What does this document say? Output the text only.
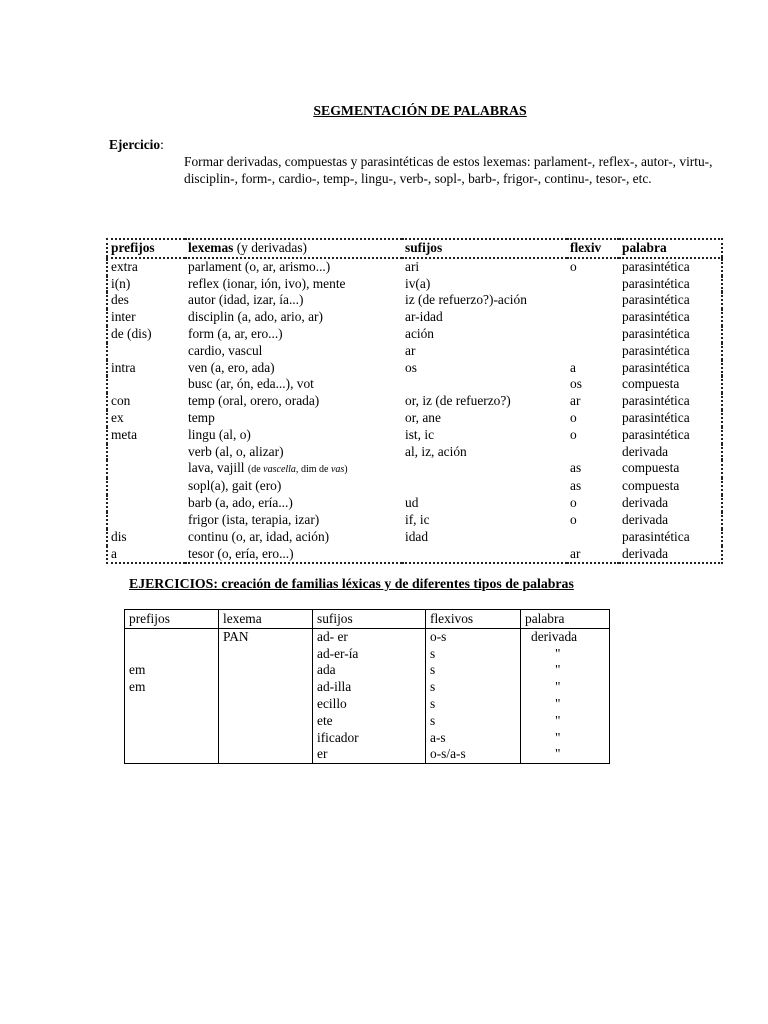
SEGMENTACIÓN DE PALABRAS
Ejercicio:
Formar derivadas, compuestas y parasintéticas de estos lexemas: parlament-, reflex-, autor-, virtu-, disciplin-, form-, cardio-, temp-, lingu-, verb-, sopl-, barb-, frigor-, continu-, tesor-, etc.
prefijos	lexemas (y derivadas)	sufijos	flexiv	palabra
extra	parlament (o, ar, arismo...)	ari	o	parasintética
i(n)	reflex (ionar, ión, ivo), mente	iv(a)		parasintética
des	autor (idad, izar, ía...)	iz (de refuerzo?)-ación		parasintética
inter	disciplin (a, ado, ario, ar)	ar-idad		parasintética
de (dis)	form (a, ar, ero...)	ación		parasintética
	cardio, vascul	ar		parasintética
intra	ven (a, ero, ada)	os	a	parasintética
	busc (ar, ón, eda...), vot		os	compuesta
con	temp (oral, orero, orada)	or, iz (de refuerzo?)	ar	parasintética
ex	temp	or, ane	o	parasintética
meta	lingu (al, o)	ist, ic	o	parasintética
	verb (al, o, alizar)	al, iz, ación		derivada
	lava, vajill (de vascella, dim de vas)		as	compuesta
	sopl(a), gait (ero)		as	compuesta
	barb (a, ado, ería...)	ud	o	derivada
	frigor (ista, terapia, izar)	if, ic	o	derivada
dis	continu (o, ar, idad, ación)	idad		parasintética
a	tesor (o, ería, ero...)		ar	derivada
EJERCICIOS: creación de familias léxicas y de diferentes tipos de palabras
prefijos	lexema	sufijos	flexivos	palabra
	PAN	ad- er	o-s	derivada
		ad-er-ía	s	"
em		ada	s	"
em		ad-illa	s	"
		ecillo	s	"
		ete	s	"
		ificador	a-s	"
		er	o-s/a-s	"
